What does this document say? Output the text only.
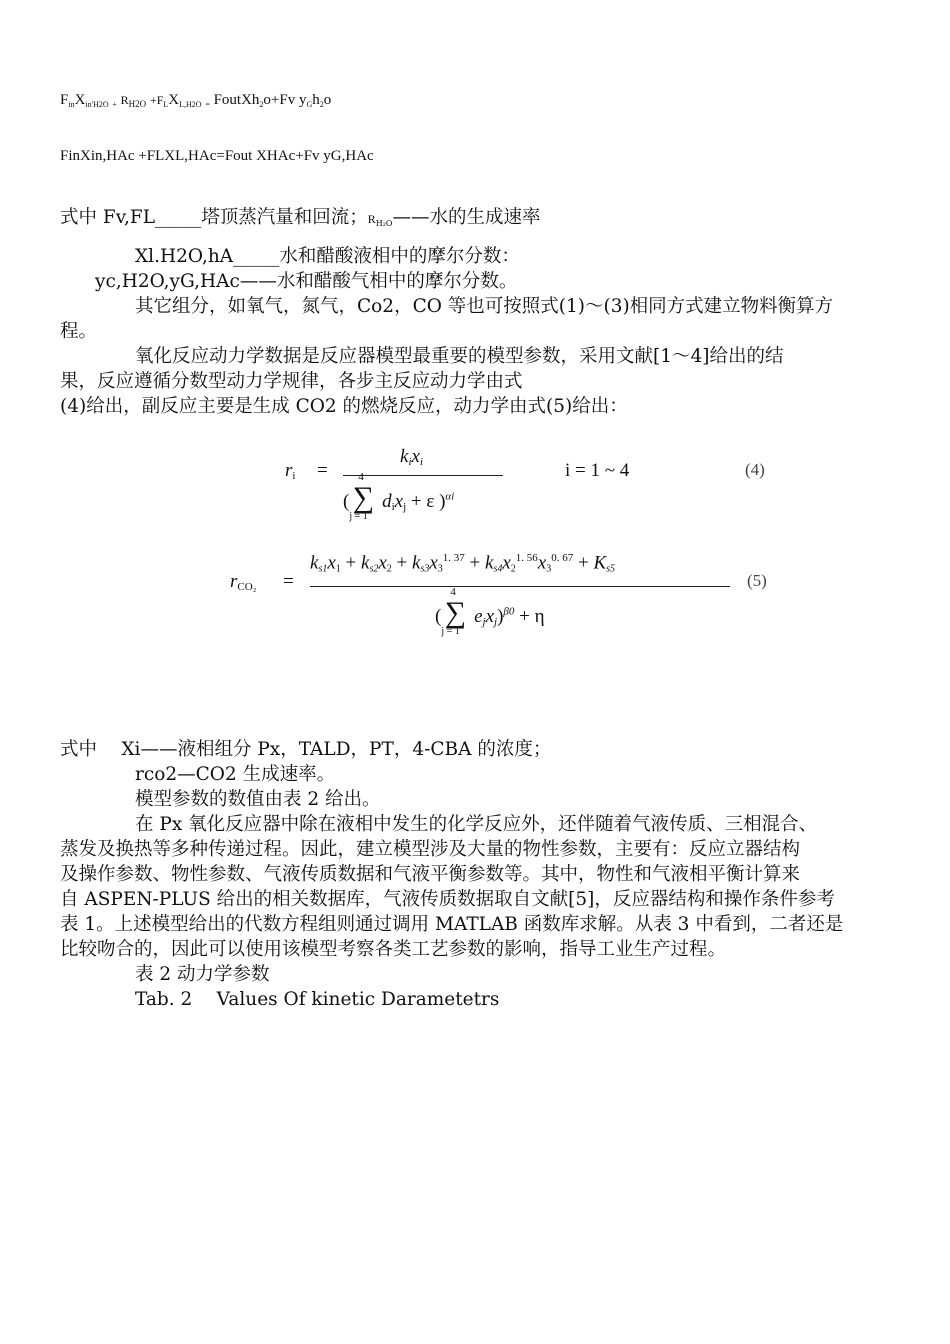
$F_{in}X_{in'H2O}$ $_+$ $R_{H2O} +F_LX_{L,H2O}$ $_=$ FoutXh$_2$o+Fv $y_Gh_2o$
FinXin,HAc +FLXL,HAc=Fout XHAc+Fv yG,HAc
式中 Fv,FL_____塔顶蒸汽量和回流；$R_{H_2O}——$水的生成速率
Xl.H2O,hA_____水和醋酸液相中的摩尔分数：
yc,H2O,yG,HAc——水和醋酸气相中的摩尔分数。
其它组分，如氧气，氮气，Co2，CO 等也可按照式(1)～(3)相同方式建立物料衡算方
程。
氧化反应动力学数据是反应器模型最重要的模型参数，采用文献[1～4]给出的结
果，反应遵循分数型动力学规律，各步主反应动力学由式
(4)给出，副反应主要是生成 CO2 的燃烧反应，动力学由式(5)给出：
$r_i$ =
$k_ix_i$
(
4
∑
j = 1
$d_ix_j + \varepsilon$ )$^{\alpha i}$
i = 1 ~ 4	(4)
$r_{CO_2}$ =
$k_{s1}x_1 + k_{s2}x_2 + k_{s3}x_3^{1. 37} + k_{s4}x_2^{1. 56}x_3^{0. 67} + K_{s5}$
(
4
∑
j = 1
$e_jx_j)^{\beta 0} + \eta$
(5)
式中　 Xi——液相组分 Px，TALD，PT，4-CBA 的浓度；
rco2—CO2 生成速率。
模型参数的数值由表 2 给出。
在 Px 氧化反应器中除在液相中发生的化学反应外，还伴随着气液传质、三相混合、
蒸发及换热等多种传递过程。因此，建立模型涉及大量的物性参数，主要有：反应立器结构
及操作参数、物性参数、气液传质数据和气液平衡参数等。其中，物性和气液相平衡计算来
自 ASPEN-PLUS 给出的相关数据库，气液传质数据取自文献[5]，反应器结构和操作条件参考
表 1。上述模型给出的代数方程组则通过调用 MATLAB 函数库求解。从表 3 中看到，二者还是
比较吻合的，因此可以使用该模型考察各类工艺参数的影响，指导工业生产过程。
表 2 动力学参数
Tab. 2　 Values Of kinetic Darametetrs
